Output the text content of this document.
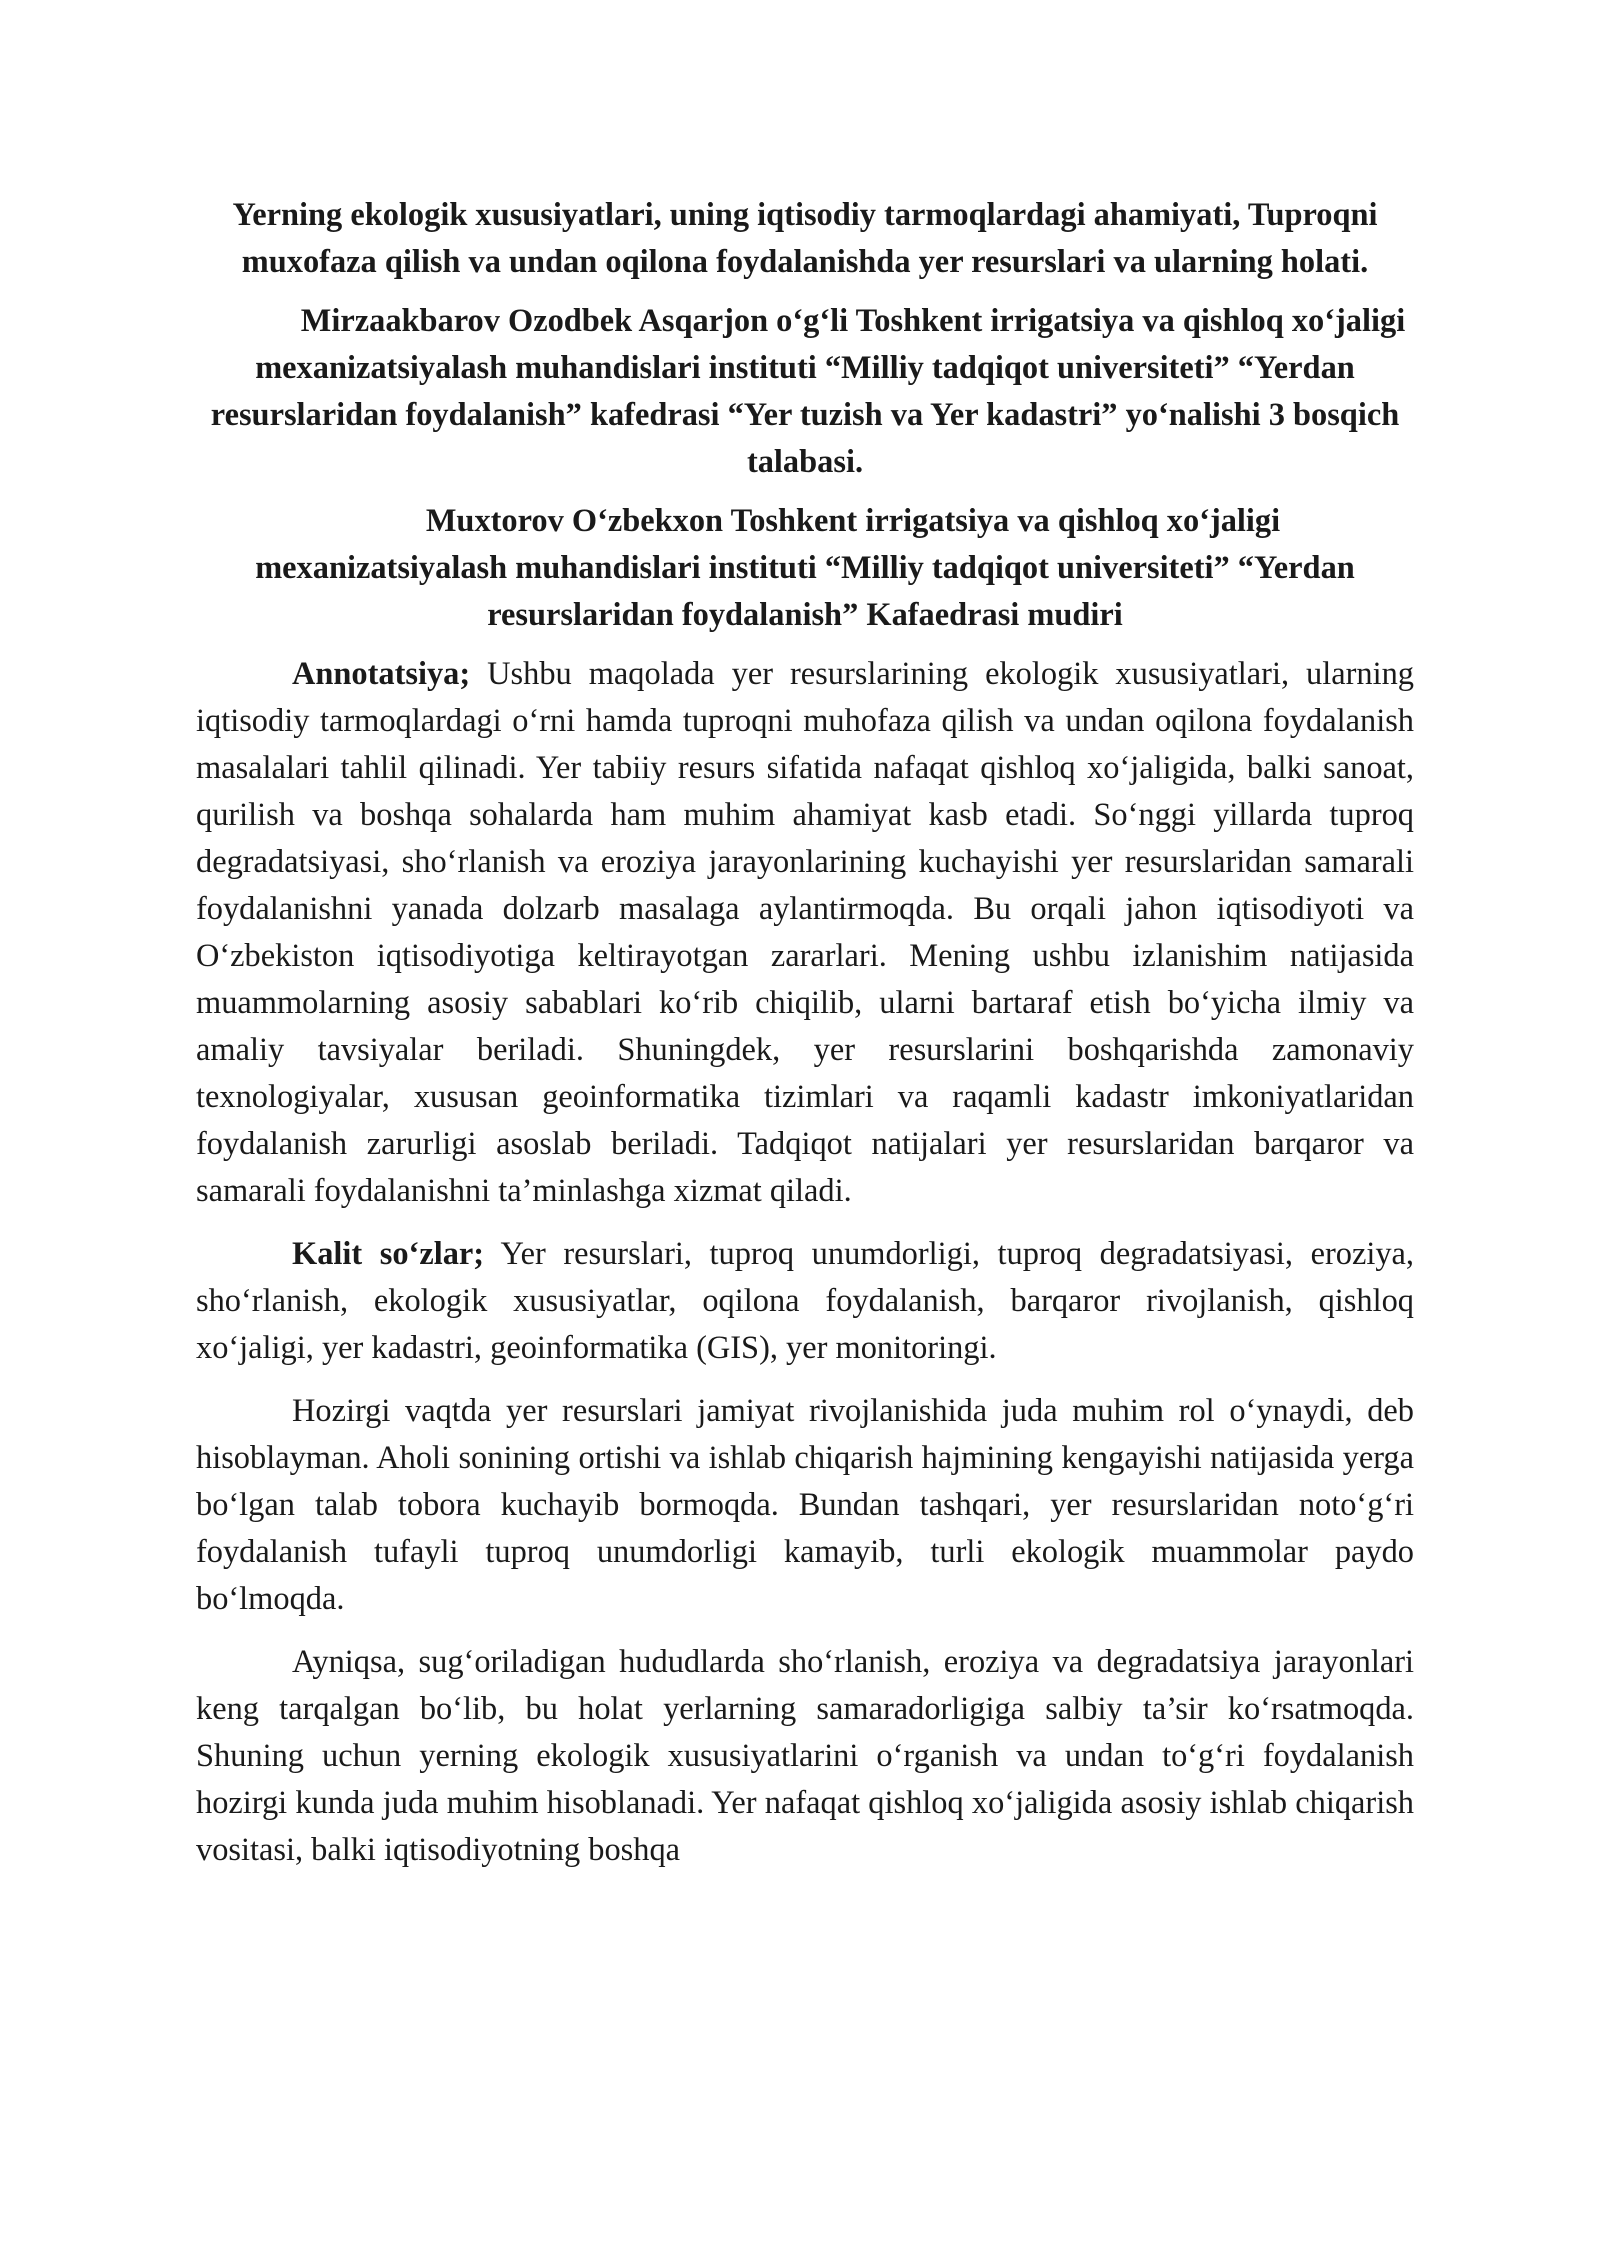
Yerning ekologik xususiyatlari, uning iqtisodiy tarmoqlardagi ahamiyati, Tuproqni muxofaza qilish va undan oqilona foydalanishda yer resurslari va ularning holati.
Mirzaakbarov Ozodbek Asqarjon o‘g‘li Toshkent irrigatsiya va qishloq xo‘jaligi mexanizatsiyalash muhandislari instituti “Milliy tadqiqot universiteti” “Yerdan resurslaridan foydalanish” kafedrasi “Yer tuzish va Yer kadastri” yo‘nalishi 3 bosqich talabasi.
Muxtorov O‘zbekxon Toshkent irrigatsiya va qishloq xo‘jaligi mexanizatsiyalash muhandislari instituti “Milliy tadqiqot universiteti” “Yerdan resurslaridan foydalanish” Kafaedrasi mudiri

Annotatsiya; Ushbu maqolada yer resurslarining ekologik xususiyatlari, ularning iqtisodiy tarmoqlardagi o‘rni hamda tuproqni muhofaza qilish va undan oqilona foydalanish masalalari tahlil qilinadi. Yer tabiiy resurs sifatida nafaqat qishloq xo‘jaligida, balki sanoat, qurilish va boshqa sohalarda ham muhim ahamiyat kasb etadi. So‘nggi yillarda tuproq degradatsiyasi, sho‘rlanish va eroziya jarayonlarining kuchayishi yer resurslaridan samarali foydalanishni yanada dolzarb masalaga aylantirmoqda. Bu orqali jahon iqtisodiyoti va O‘zbekiston iqtisodiyotiga keltirayotgan zararlari. Mening ushbu izlanishim natijasida muammolarning asosiy sabablari ko‘rib chiqilib, ularni bartaraf etish bo‘yicha ilmiy va amaliy tavsiyalar beriladi. Shuningdek, yer resurslarini boshqarishda zamonaviy texnologiyalar, xususan geoinformatika tizimlari va raqamli kadastr imkoniyatlaridan foydalanish zarurligi asoslab beriladi. Tadqiqot natijalari yer resurslaridan barqaror va samarali foydalanishni ta’minlashga xizmat qiladi.

Kalit so‘zlar; Yer resurslari, tuproq unumdorligi, tuproq degradatsiyasi, eroziya, sho‘rlanish, ekologik xususiyatlar, oqilona foydalanish, barqaror rivojlanish, qishloq xo‘jaligi, yer kadastri, geoinformatika (GIS), yer monitoringi.

Hozirgi vaqtda yer resurslari jamiyat rivojlanishida juda muhim rol o‘ynaydi, deb hisoblayman. Aholi sonining ortishi va ishlab chiqarish hajmining kengayishi natijasida yerga bo‘lgan talab tobora kuchayib bormoqda. Bundan tashqari, yer resurslaridan noto‘g‘ri foydalanish tufayli tuproq unumdorligi kamayib, turli ekologik muammolar paydo bo‘lmoqda.

Ayniqsa, sug‘oriladigan hududlarda sho‘rlanish, eroziya va degradatsiya jarayonlari keng tarqalgan bo‘lib, bu holat yerlarning samaradorligiga salbiy ta’sir ko‘rsatmoqda. Shuning uchun yerning ekologik xususiyatlarini o‘rganish va undan to‘g‘ri foydalanish hozirgi kunda juda muhim hisoblanadi. Yer nafaqat qishloq xo‘jaligida asosiy ishlab chiqarish vositasi, balki iqtisodiyotning boshqa
